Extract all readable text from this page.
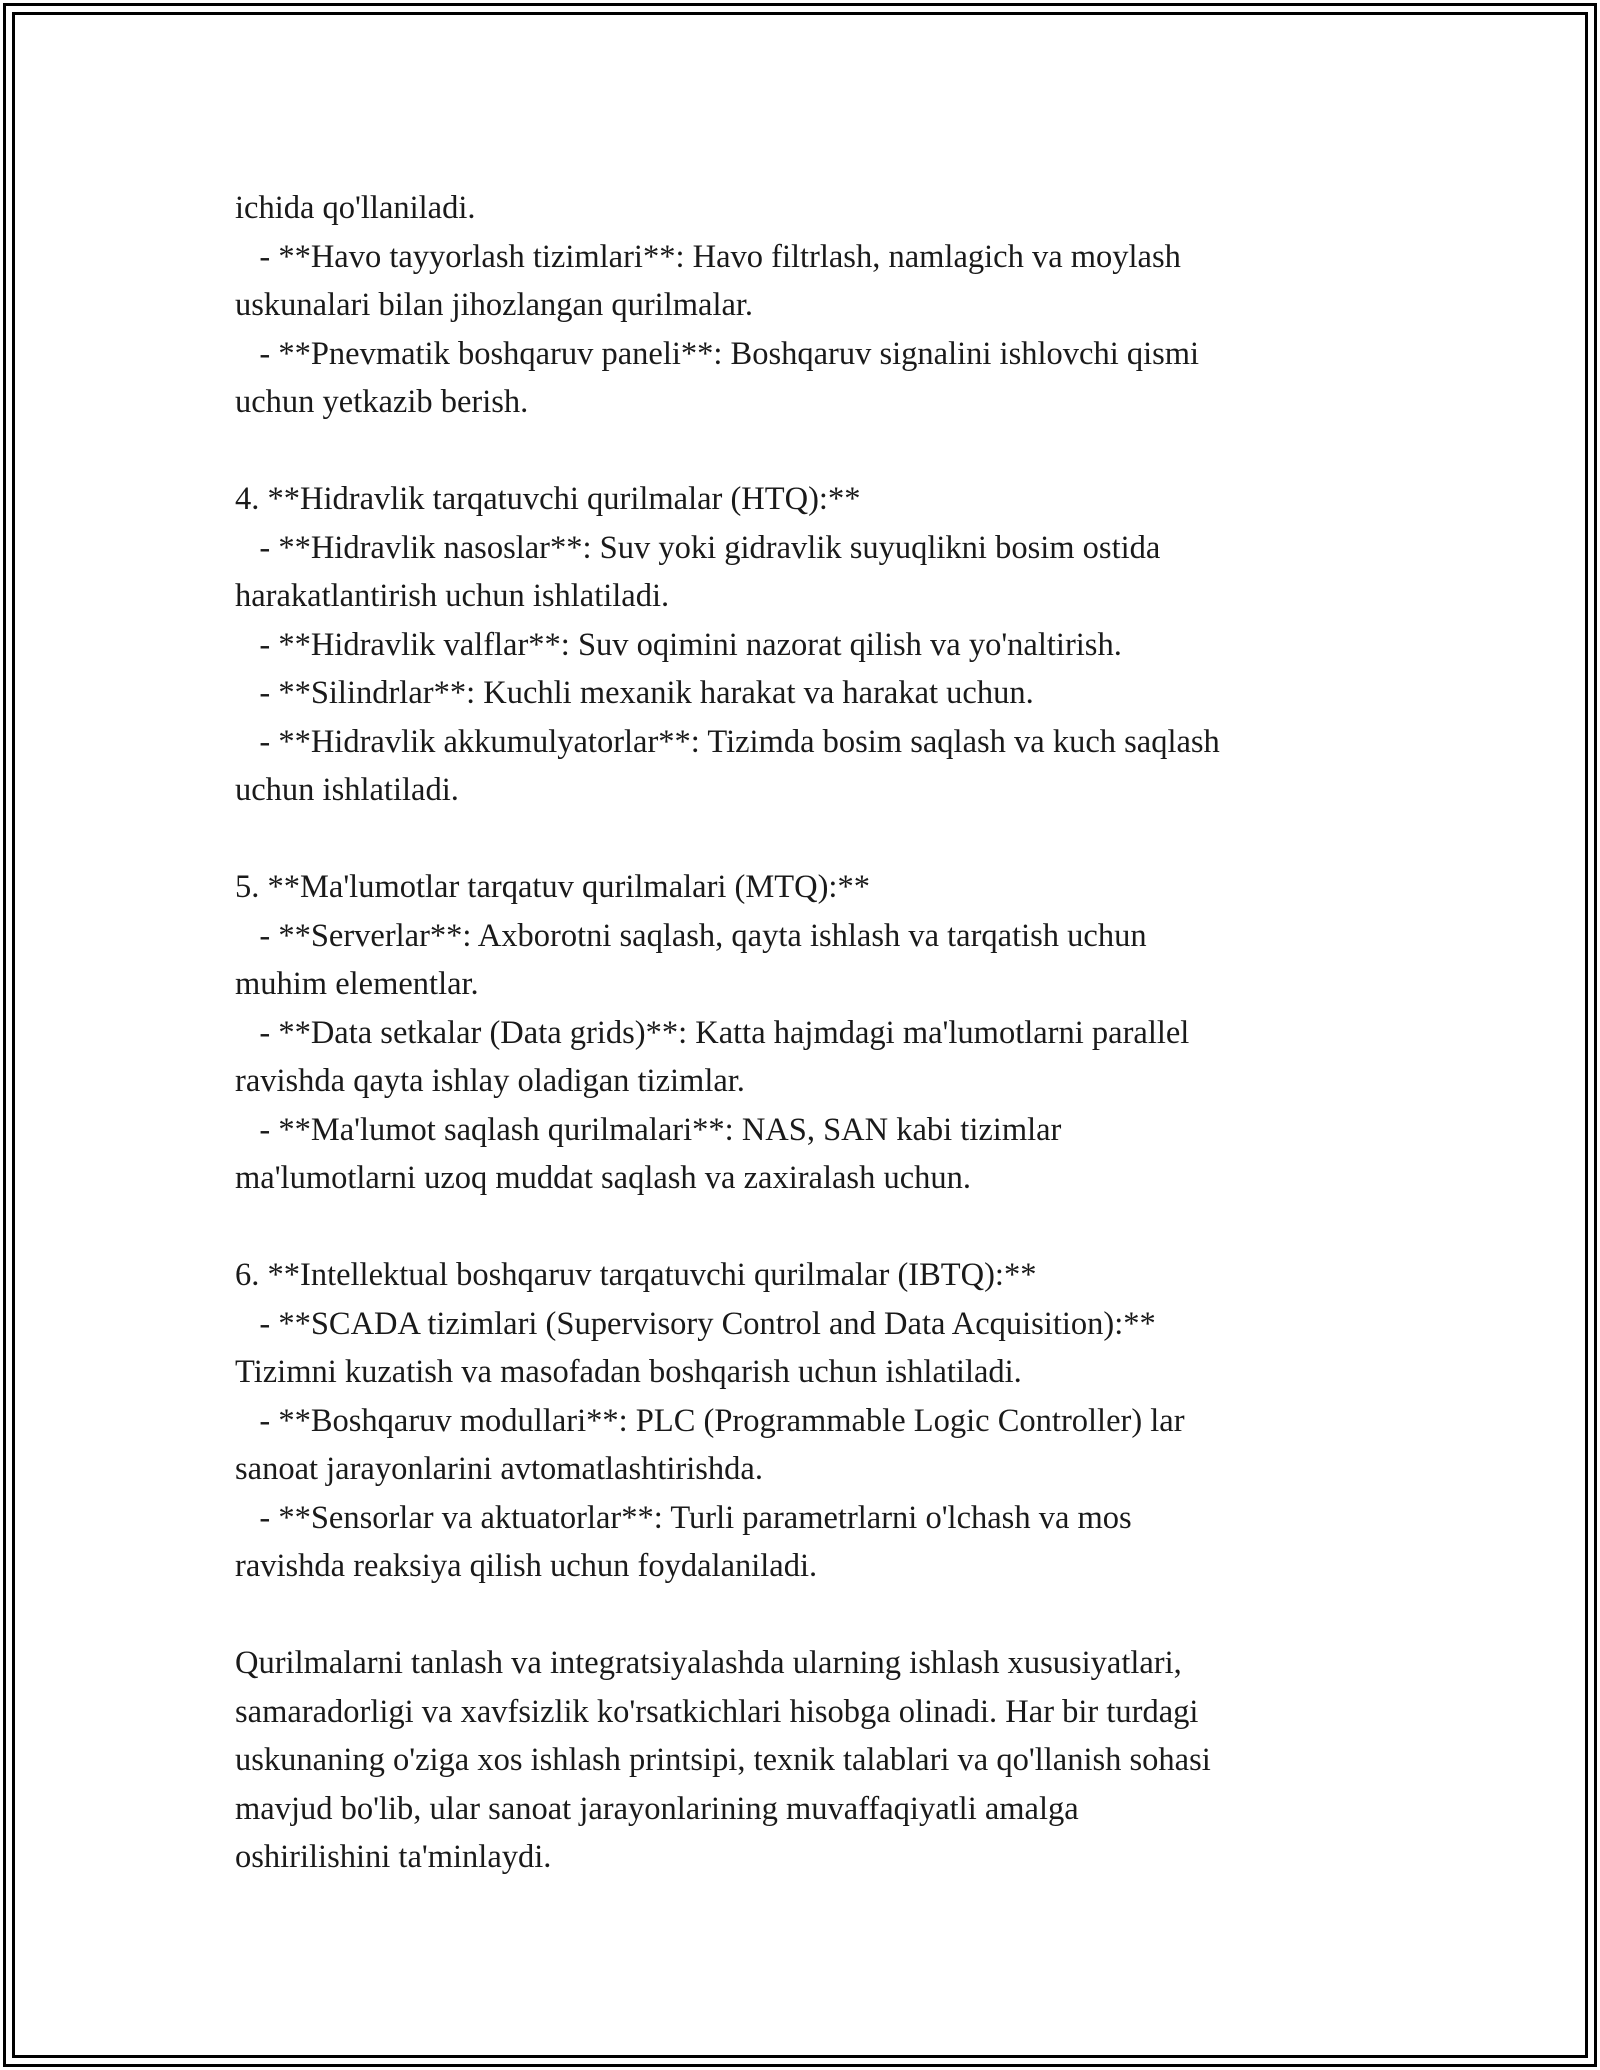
ichida qo'llaniladi.
- **Havo tayyorlash tizimlari**: Havo filtrlash, namlagich va moylash
uskunalari bilan jihozlangan qurilmalar.
- **Pnevmatik boshqaruv paneli**: Boshqaruv signalini ishlovchi qismi
uchun yetkazib berish.
4. **Hidravlik tarqatuvchi qurilmalar (HTQ):**
- **Hidravlik nasoslar**: Suv yoki gidravlik suyuqlikni bosim ostida
harakatlantirish uchun ishlatiladi.
- **Hidravlik valflar**: Suv oqimini nazorat qilish va yo'naltirish.
- **Silindrlar**: Kuchli mexanik harakat va harakat uchun.
- **Hidravlik akkumulyatorlar**: Tizimda bosim saqlash va kuch saqlash
uchun ishlatiladi.
5. **Ma'lumotlar tarqatuv qurilmalari (MTQ):**
- **Serverlar**: Axborotni saqlash, qayta ishlash va tarqatish uchun
muhim elementlar.
- **Data setkalar (Data grids)**: Katta hajmdagi ma'lumotlarni parallel
ravishda qayta ishlay oladigan tizimlar.
- **Ma'lumot saqlash qurilmalari**: NAS, SAN kabi tizimlar
ma'lumotlarni uzoq muddat saqlash va zaxiralash uchun.
6. **Intellektual boshqaruv tarqatuvchi qurilmalar (IBTQ):**
- **SCADA tizimlari (Supervisory Control and Data Acquisition):**
Tizimni kuzatish va masofadan boshqarish uchun ishlatiladi.
- **Boshqaruv modullari**: PLC (Programmable Logic Controller) lar
sanoat jarayonlarini avtomatlashtirishda.
- **Sensorlar va aktuatorlar**: Turli parametrlarni o'lchash va mos
ravishda reaksiya qilish uchun foydalaniladi.
Qurilmalarni tanlash va integratsiyalashda ularning ishlash xususiyatlari,
samaradorligi va xavfsizlik ko'rsatkichlari hisobga olinadi. Har bir turdagi
uskunaning o'ziga xos ishlash printsipi, texnik talablari va qo'llanish sohasi
mavjud bo'lib, ular sanoat jarayonlarining muvaffaqiyatli amalga
oshirilishini ta'minlaydi.
